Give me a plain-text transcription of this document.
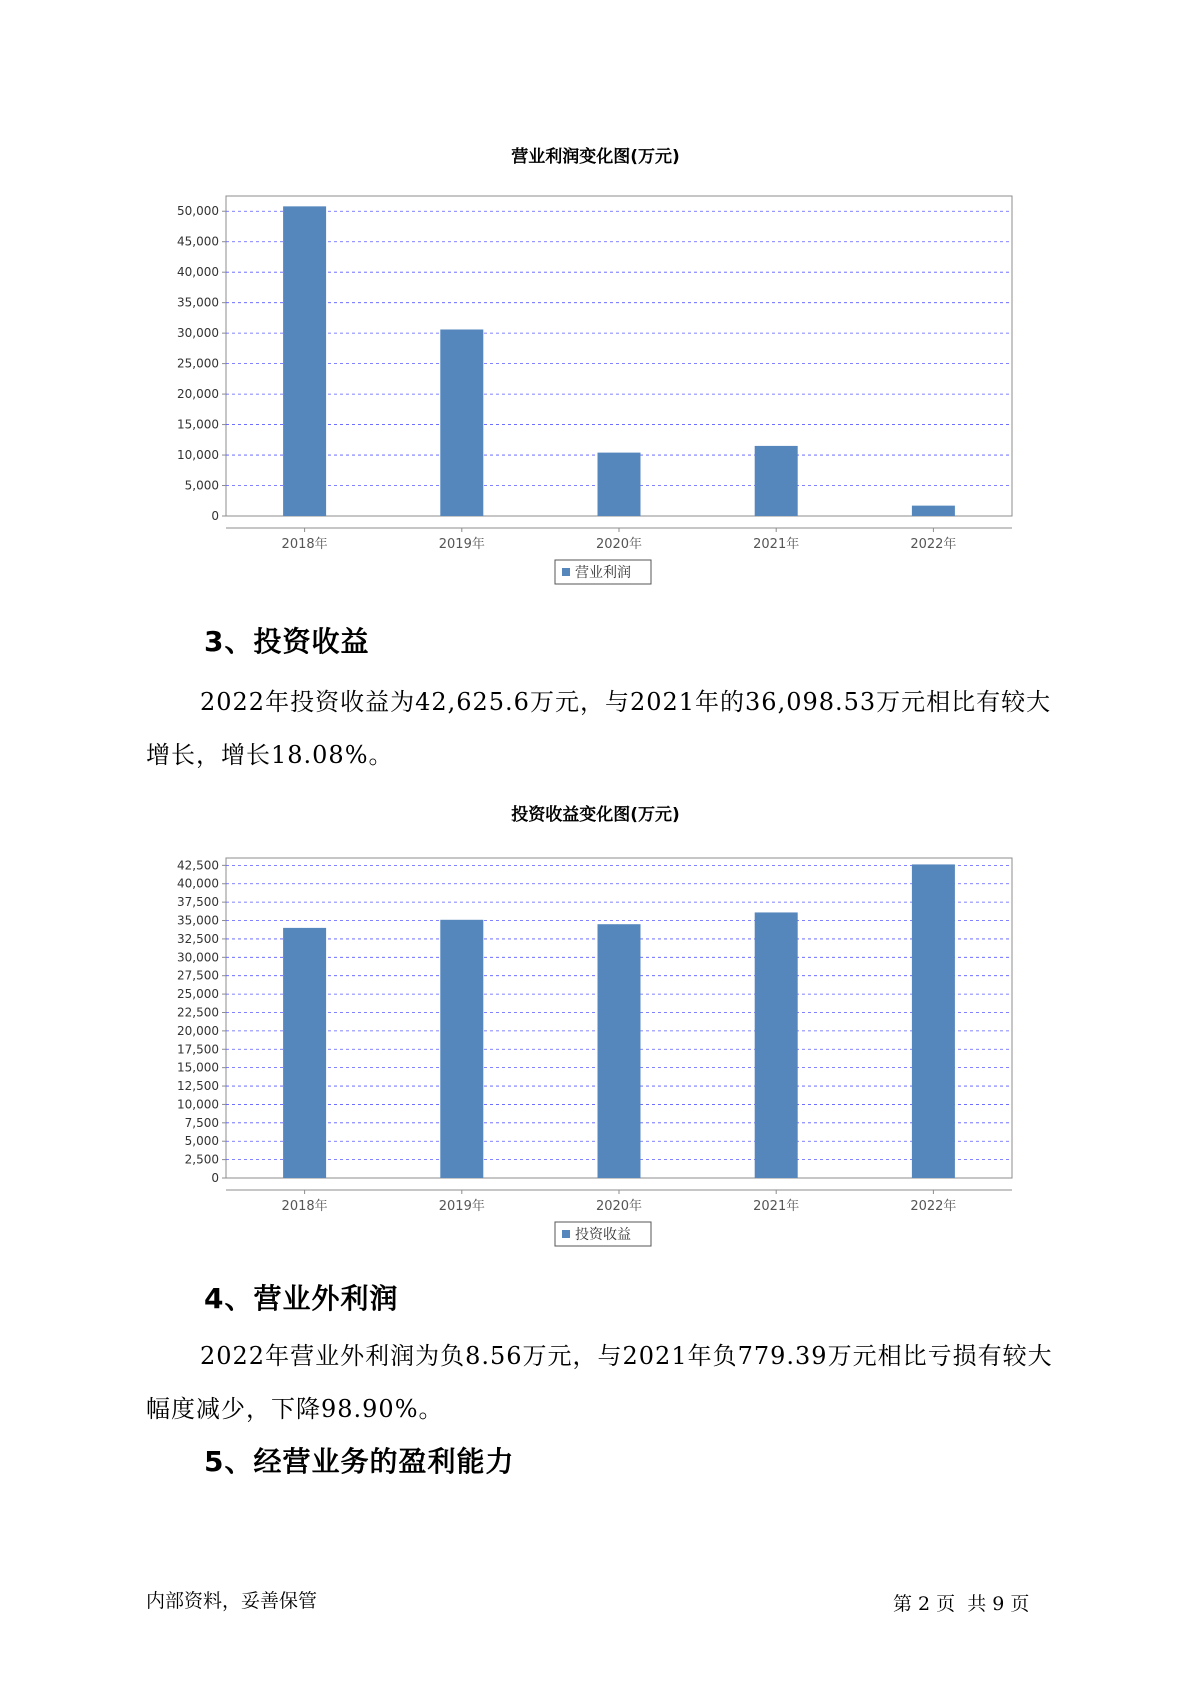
营业利润变化图(万元)
0
5,000
10,000
15,000
20,000
25,000
30,000
35,000
40,000
45,000
50,000
2018年	2019年	2020年	2021年	2022年
营业利润
3、投资收益

2022年投资收益为42,625.6万元，与2021年的36,098.53万元相比有较大增长，增长18.08%。

投资收益变化图(万元)
0
2,500
5,000
7,500
10,000
12,500
15,000
17,500
20,000
22,500
25,000
27,500
30,000
32,500
35,000
37,500
40,000
42,500
2018年	2019年	2020年	2021年	2022年
投资收益
4、营业外利润

2022年营业外利润为负8.56万元，与2021年负779.39万元相比亏损有较大幅度减少，下降98.90%。

5、经营业务的盈利能力
内部资料，妥善保管	第 2 页  共 9 页
